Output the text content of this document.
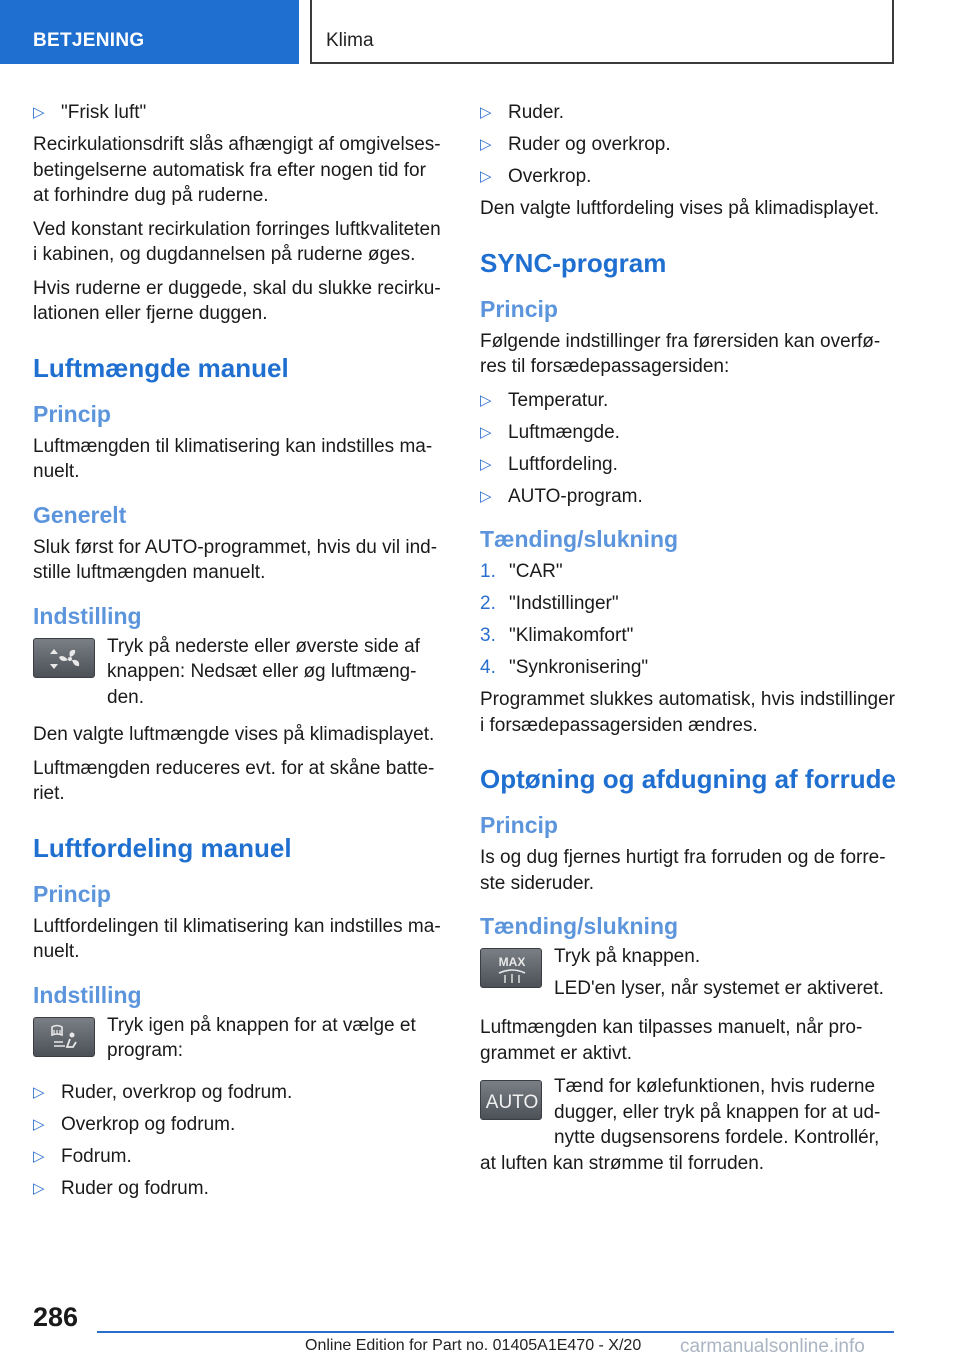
BETJENING	Klima
▷ "Frisk luft"

Recirkulationsdrift slås afhængigt af omgivelsesbetingelserne automatisk fra efter nogen tid for at forhindre dug på ruderne.

Ved konstant recirkulation forringes luftkvaliteten i kabinen, og dugdannelsen på ruderne øges.

Hvis ruderne er duggede, skal du slukke recirkulationen eller fjerne duggen.

Luftmængde manuel
Princip

Luftmængden til klimatisering kan indstilles manuelt.

Generelt

Sluk først for AUTO-programmet, hvis du vil indstille luftmængden manuelt.

Indstilling

Tryk på nederste eller øverste side af knappen: Nedsæt eller øg luftmængden.

Den valgte luftmængde vises på klimadisplayet.

Luftmængden reduceres evt. for at skåne batteriet.

Luftfordeling manuel
Princip

Luftfordelingen til klimatisering kan indstilles manuelt.

Indstilling

Tryk igen på knappen for at vælge et program:

▷ Ruder, overkrop og fodrum.
▷ Overkrop og fodrum.
▷ Fodrum.
▷ Ruder og fodrum.
▷ Ruder.
▷ Ruder og overkrop.
▷ Overkrop.

Den valgte luftfordeling vises på klimadisplayet.

SYNC-program
Princip

Følgende indstillinger fra førersiden kan overføres til forsædepassagersiden:

▷ Temperatur.
▷ Luftmængde.
▷ Luftfordeling.
▷ AUTO-program.
Tænding/slukning
1. "CAR"
2. "Indstillinger"
3. "Klimakomfort"
4. "Synkronisering"

Programmet slukkes automatisk, hvis indstillinger i forsædepassagersiden ændres.

Optøning og afdugning af forrude
Princip

Is og dug fjernes hurtigt fra forruden og de forreste sideruder.

Tænding/slukning
MAX	Tryk på knappen.

LED'en lyser, når systemet er aktiveret.

Luftmængden kan tilpasses manuelt, når programmet er aktivt.

AUTO

Tænd for kølefunktionen, hvis ruderne dugger, eller tryk på knappen for at udnytte dugsensorens fordele. Kontrollér, at luften kan strømme til forruden.

286
Online Edition for Part no. 01405A1E470 - X/20 carmanualsonline.info
